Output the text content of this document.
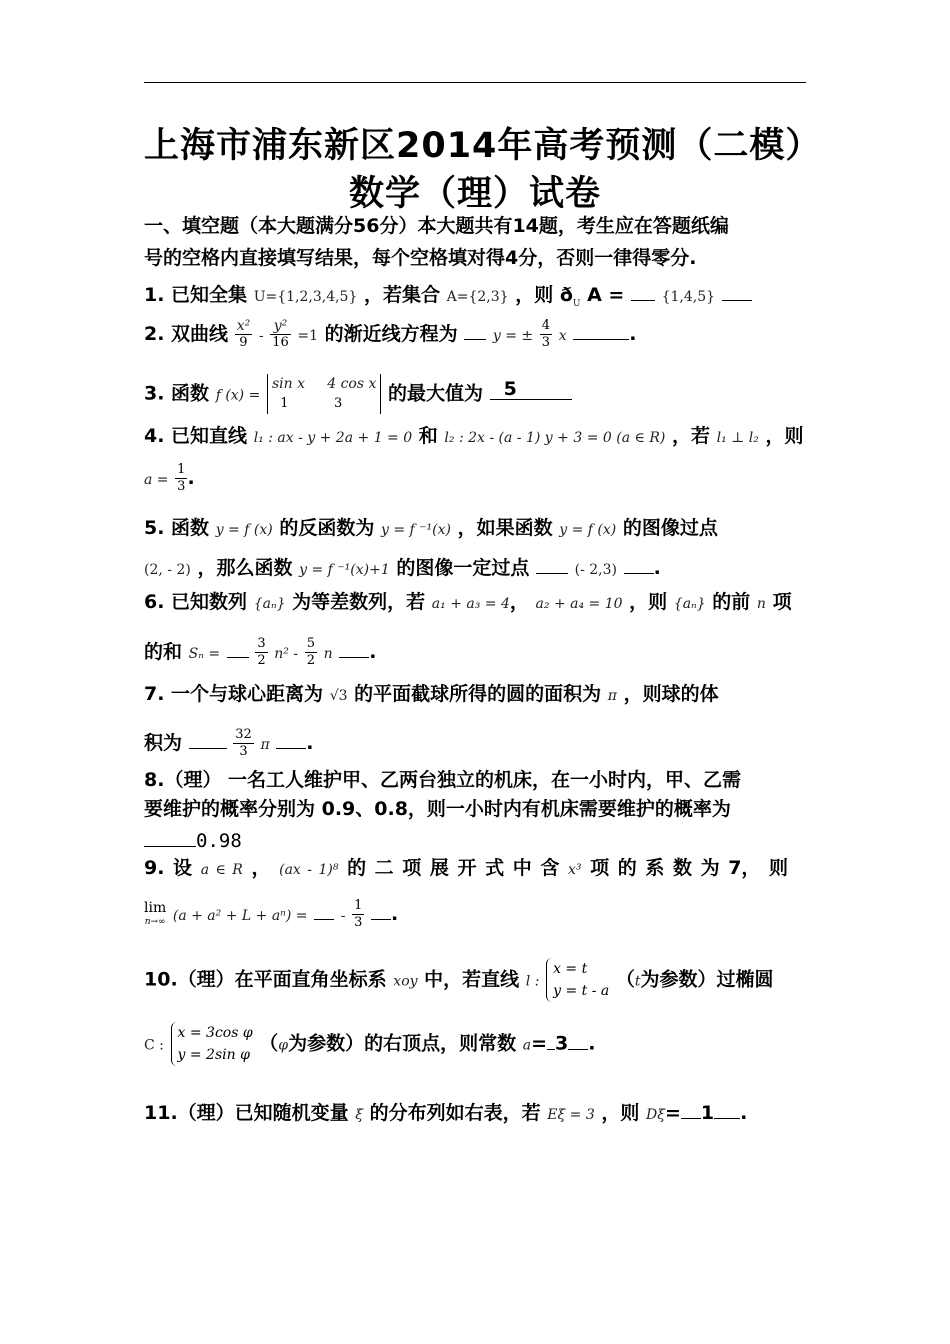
上海市浦东新区2014年高考预测（二模）
数学（理）试卷
一、填空题（本大题满分56分）本大题共有14题，考生应在答题纸编
号的空格内直接填写结果，每个空格填对得4分，否则一律得零分.
1. 已知全集 U={1,2,3,4,5} ，若集合 A={2,3} ，则 $ð_U$ A =	{1,4,5}
2. 双曲线 $\frac{\text{x²}}{9} - \frac{\text{y²}}{16} =1$ 的渐近线方程为	y = ± $\frac{4}{3}$ x	.
3. 函数 f (x) =
sin x     4 cos x
1           3	的最大值为 5
4. 已知直线 l₁ : ax - y + 2a + 1 = 0 和 l₂ : 2x - (a - 1) y + 3 = 0 (a ∈ R) ，若 l₁ ⊥ l₂ ，则
$a = \frac{1}{3}$ .
5. 函数 y = f (x) 的反函数为 y = f ⁻¹(x) ，如果函数 y = f (x) 的图像过点
(2, - 2) ，那么函数 y = f ⁻¹(x)+1 的图像一定过点	(- 2,3) .
6. 已知数列 {aₙ} 为等差数列，若 a₁ + a₃ = 4， a₂ + a₄ = 10 ，则 {aₙ} 的前 n 项
的和 Sₙ =	$\frac{3}{2} n^2 - \frac{5}{2}$ n .
7. 一个与球心距离为 √3 的平面截球所得的圆的面积为 π ，则球的体
积为	$\frac{32}{3}$ π .
8.（理） 一名工人维护甲、乙两台独立的机床，在一小时内，甲、乙需
要维护的概率分别为 0.9、0.8，则一小时内有机床需要维护的概率为
0.98
9. 设 a ∈ R ， (ax - 1)⁸ 的 二 项 展 开 式 中 含 x³ 项 的 系 数 为 7， 则
lim
n→∞ (a + a² + L + aⁿ) = - $\frac{1}{3}$ .
10.（理）在平面直角坐标系 xoy 中，若直线 l :
x = t
y = t - a
（t为参数）过椭圆
C :
x = 3cos φ
y = 2sin φ
（φ为参数）的右顶点，则常数 a= 3 .
11.（理）已知随机变量 ξ 的分布列如右表，若 Eξ = 3 ，则 Dξ= 1 .
